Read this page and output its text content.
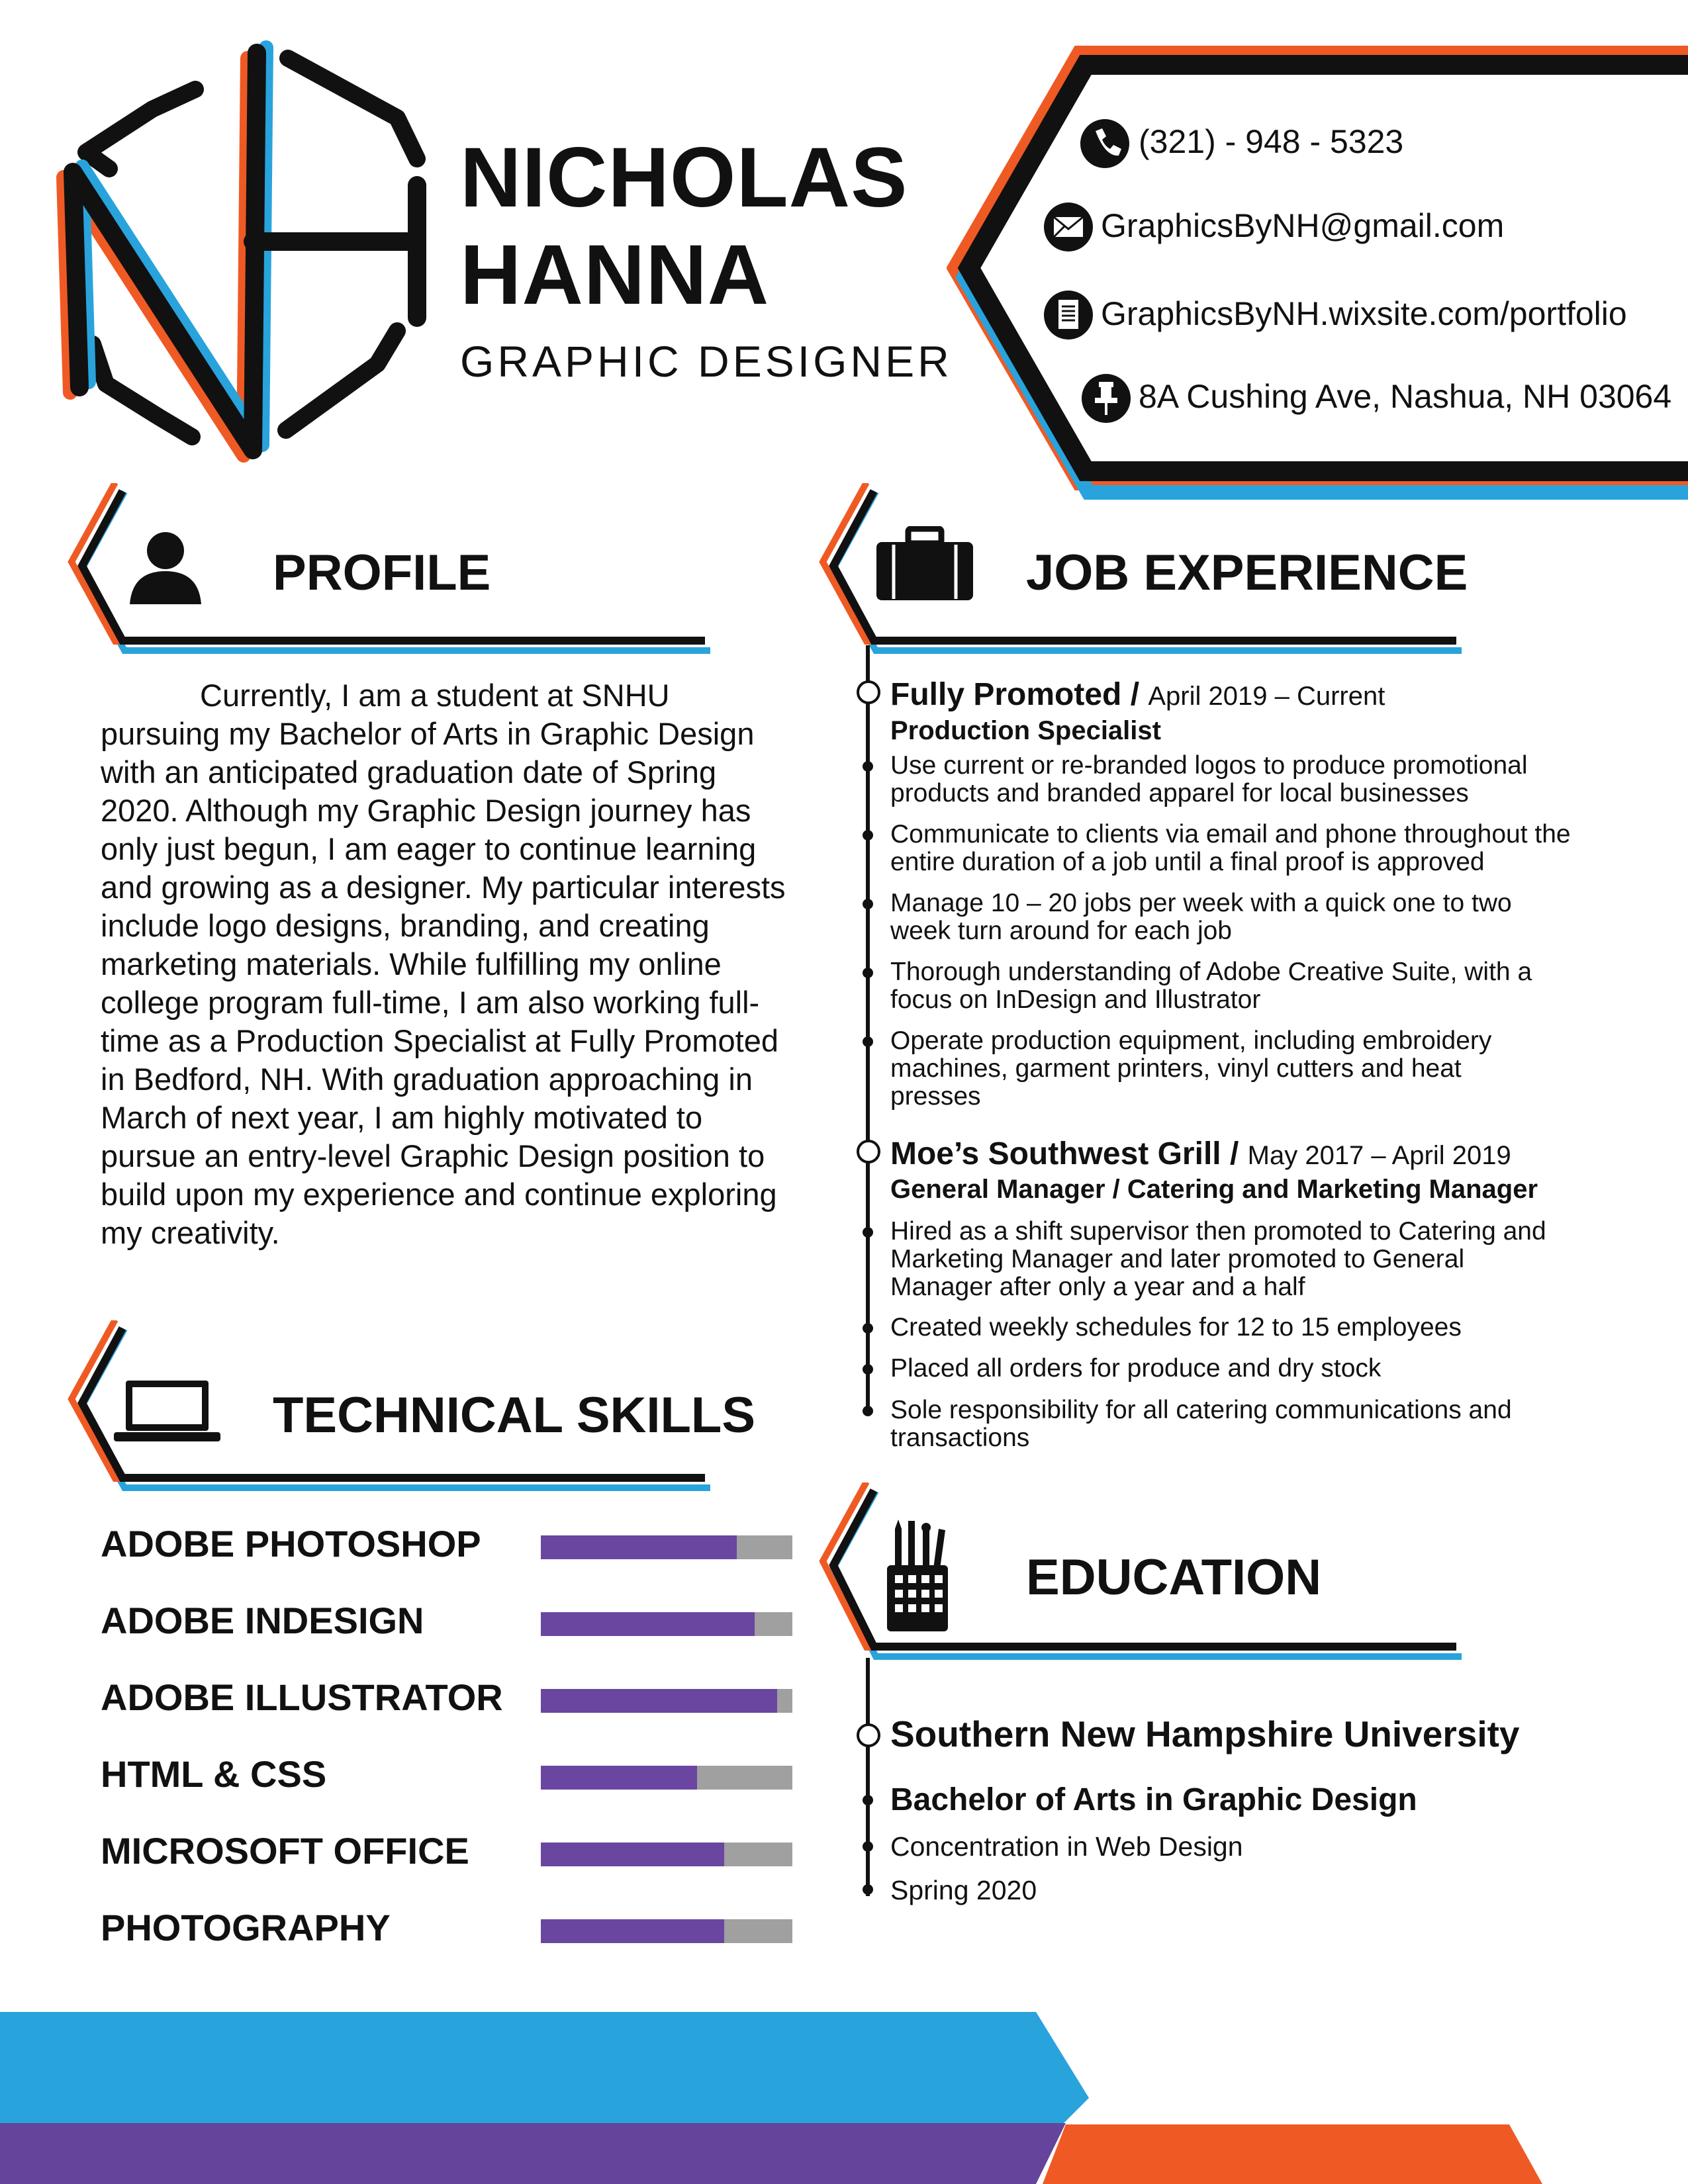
NICHOLAS
HANNA
GRAPHIC DESIGNER
(321) - 948 - 5323
GraphicsByNH@gmail.com
GraphicsByNH.wixsite.com/portfolio
8A Cushing Ave, Nashua, NH 03064
PROFILE
TECHNICAL SKILLS
JOB EXPERIENCE
EDUCATION

Currently, I am a student at SNHU pursuing my Bachelor of Arts in Graphic Design with an anticipated graduation date of Spring 2020. Although my Graphic Design journey has only just begun, I am eager to continue learning and growing as a designer. My particular interests include logo designs, branding, and creating marketing materials. While fulfilling my online college program full-time, I am also working full-time as a Production Specialist at Fully Promoted in Bedford, NH. With graduation approaching in March of next year, I am highly motivated to pursue an entry-level Graphic Design position to build upon my experience and continue exploring my creativity.

ADOBE PHOTOSHOP
ADOBE INDESIGN
ADOBE ILLUSTRATOR
HTML & CSS
MICROSOFT OFFICE
PHOTOGRAPHY
Fully Promoted / April 2019 – Current
Production Specialist
Use current or re-branded logos to produce promotional products and branded apparel for local businesses
Communicate to clients via email and phone throughout the entire duration of a job until a final proof is approved
Manage 10 – 20 jobs per week with a quick one to two week turn around for each job
Thorough understanding of Adobe Creative Suite, with a focus on InDesign and Illustrator
Operate production equipment, including embroidery machines, garment printers, vinyl cutters and heat presses
Moe’s Southwest Grill / May 2017 – April 2019
General Manager / Catering and Marketing Manager
Hired as a shift supervisor then promoted to Catering and Marketing Manager and later promoted to General Manager after only a year and a half
Created weekly schedules for 12 to 15 employees
Placed all orders for produce and dry stock
Sole responsibility for all catering communications and transactions
Southern New Hampshire University
Bachelor of Arts in Graphic Design
Concentration in Web Design
Spring 2020
